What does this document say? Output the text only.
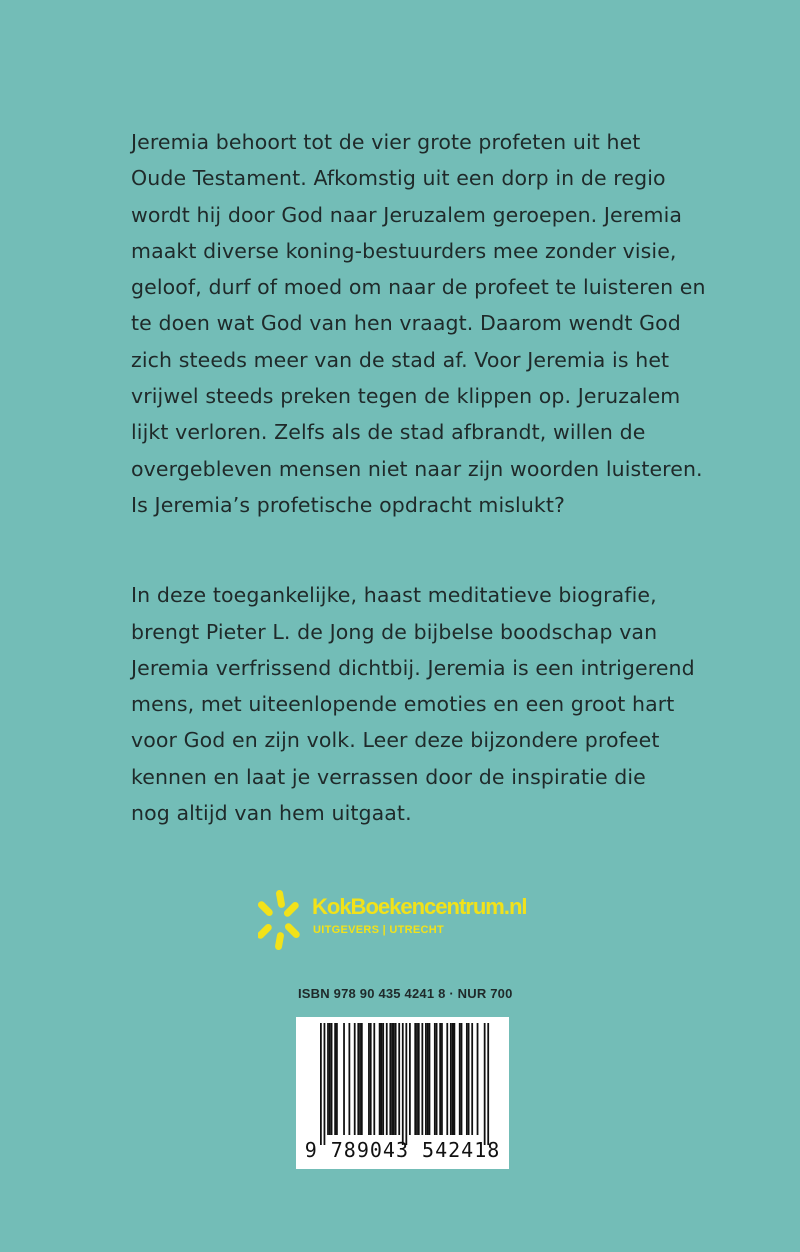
Jeremia behoort tot de vier grote profeten uit het
Oude Testament. Afkomstig uit een dorp in de regio
wordt hij door God naar Jeruzalem geroepen. Jeremia
maakt diverse koning-bestuurders mee zonder visie,
geloof, durf of moed om naar de profeet te luisteren en
te doen wat God van hen vraagt. Daarom wendt God
zich steeds meer van de stad af. Voor Jeremia is het
vrijwel steeds preken tegen de klippen op. Jeruzalem
lijkt verloren. Zelfs als de stad afbrandt, willen de
overgebleven mensen niet naar zijn woorden luisteren.
Is Jeremia’s profetische opdracht mislukt?

In deze toegankelijke, haast meditatieve biografie,
brengt Pieter L. de Jong de bijbelse boodschap van
Jeremia verfrissend dichtbij. Jeremia is een intrigerend
mens, met uiteenlopende emoties en een groot hart
voor God en zijn volk. Leer deze bijzondere profeet
kennen en laat je verrassen door de inspiratie die
nog altijd van hem uitgaat.

KokBoekencentrum.nl
UITGEVERS | UTRECHT
ISBN 978 90 435 4241 8 · NUR 700
9 789043 542418
